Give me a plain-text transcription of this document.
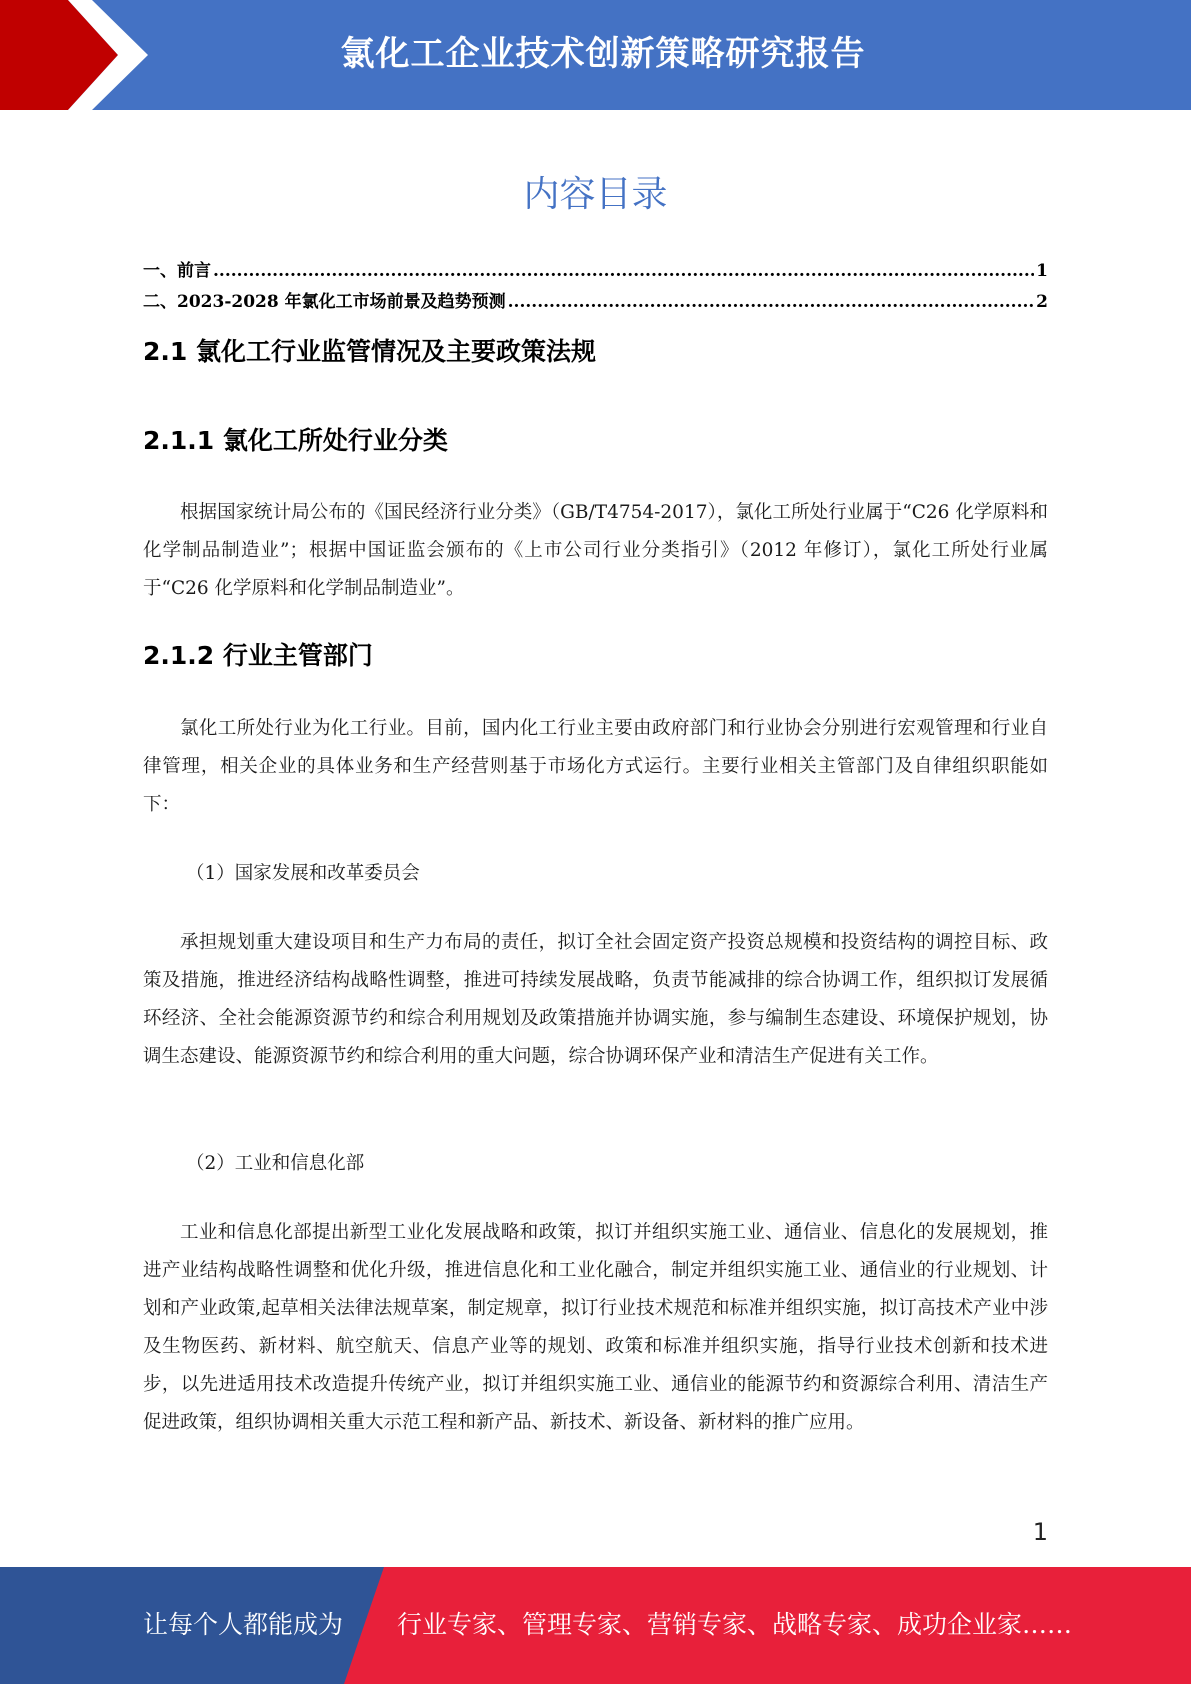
氯化工企业技术创新策略研究报告
内容目录
一、前言 .....	1
二、2023-2028 年氯化工市场前景及趋势预测 .....	2
2.1 氯化工行业监管情况及主要政策法规
2.1.1 氯化工所处行业分类
根据国家统计局公布的《国民经济行业分类》（GB/T4754-2017），氯化工所处行业属于“C26 化学原料和化学制品制造业”；根据中国证监会颁布的《上市公司行业分类指引》（2012 年修订），氯化工所处行业属于“C26 化学原料和化学制品制造业”。
2.1.2 行业主管部门
氯化工所处行业为化工行业。目前，国内化工行业主要由政府部门和行业协会分别进行宏观管理和行业自律管理，相关企业的具体业务和生产经营则基于市场化方式运行。主要行业相关主管部门及自律组织职能如下：
（1）国家发展和改革委员会
承担规划重大建设项目和生产力布局的责任，拟订全社会固定资产投资总规模和投资结构的调控目标、政策及措施，推进经济结构战略性调整，推进可持续发展战略，负责节能减排的综合协调工作，组织拟订发展循环经济、全社会能源资源节约和综合利用规划及政策措施并协调实施，参与编制生态建设、环境保护规划，协调生态建设、能源资源节约和综合利用的重大问题，综合协调环保产业和清洁生产促进有关工作。
（2）工业和信息化部
工业和信息化部提出新型工业化发展战略和政策，拟订并组织实施工业、通信业、信息化的发展规划，推进产业结构战略性调整和优化升级，推进信息化和工业化融合，制定并组织实施工业、通信业的行业规划、计划和产业政策,起草相关法律法规草案，制定规章，拟订行业技术规范和标准并组织实施，拟订高技术产业中涉及生物医药、新材料、航空航天、信息产业等的规划、政策和标准并组织实施，指导行业技术创新和技术进步，以先进适用技术改造提升传统产业，拟订并组织实施工业、通信业的能源节约和资源综合利用、清洁生产促进政策，组织协调相关重大示范工程和新产品、新技术、新设备、新材料的推广应用。
1
让每个人都能成为 行业专家、管理专家、营销专家、战略专家、成功企业家……
